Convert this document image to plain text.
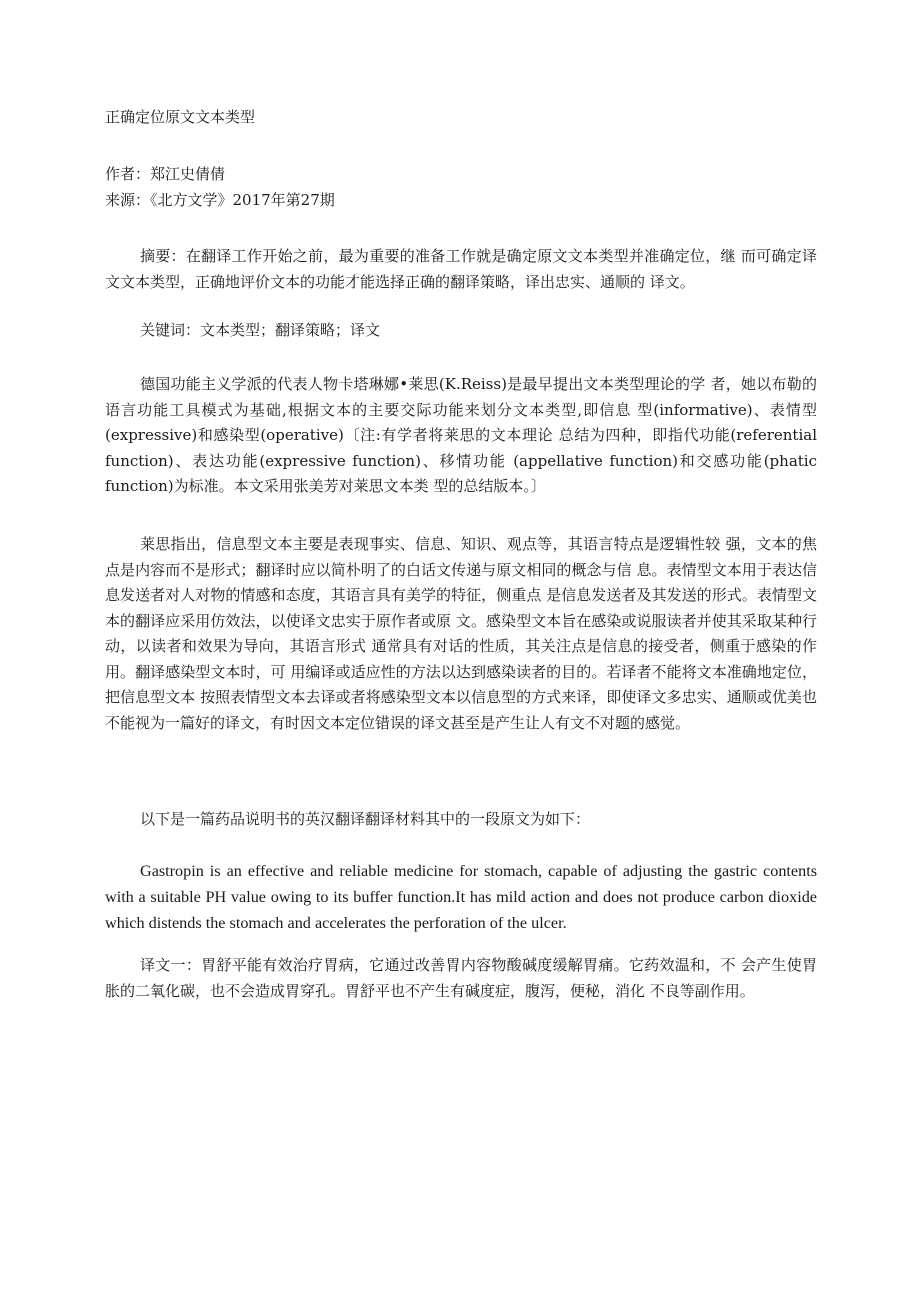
正确定位原文文本类型

作者：郑江史倩倩

来源：《北方文学》2017年第27期

摘要：在翻译工作开始之前，最为重要的准备工作就是确定原文文本类型并准确定位，继 而可确定译文文本类型，正确地评价文本的功能才能选择正确的翻译策略，译出忠实、通顺的 译文。

关键词：文本类型；翻译策略；译文

德国功能主义学派的代表人物卡塔琳娜•莱思(K.Reiss)是最早提出文本类型理论的学 者，她以布勒的语言功能工具模式为基础,根据文本的主要交际功能来划分文本类型,即信息 型(informative)、表情型(expressive)和感染型(operative)〔注:有学者将莱思的文本理论 总结为四种，即指代功能(referential function)、表达功能(expressive function)、移情功能 (appellative function)和交感功能(phatic function)为标准。本文采用张美芳对莱思文本类 型的总结版本。〕

莱思指出，信息型文本主要是表现事实、信息、知识、观点等，其语言特点是逻辑性较 强，文本的焦点是内容而不是形式；翻译时应以简朴明了的白话文传递与原文相同的概念与信 息。表情型文本用于表达信息发送者对人对物的情感和态度，其语言具有美学的特征，侧重点 是信息发送者及其发送的形式。表情型文本的翻译应采用仿效法，以使译文忠实于原作者或原 文。感染型文本旨在感染或说服读者并使其采取某种行动，以读者和效果为导向，其语言形式 通常具有对话的性质，其关注点是信息的接受者，侧重于感染的作用。翻译感染型文本时，可 用编译或适应性的方法以达到感染读者的目的。若译者不能将文本准确地定位，把信息型文本 按照表情型文本去译或者将感染型文本以信息型的方式来译，即使译文多忠实、通顺或优美也 不能视为一篇好的译文，有时因文本定位错误的译文甚至是产生让人有文不对题的感觉。

以下是一篇药品说明书的英汉翻译翻译材料其中的一段原文为如下：

Gastropin is an effective and reliable medicine for stomach, capable of adjusting the gastric contents with a suitable PH value owing to its buffer function.It has mild action and does not produce carbon dioxide which distends the stomach and accelerates the perforation of the ulcer.

译文一：胃舒平能有效治疗胃病，它通过改善胃内容物酸碱度缓解胃痛。它药效温和，不 会产生使胃胀的二氧化碳，也不会造成胃穿孔。胃舒平也不产生有碱度症，腹泻，便秘，消化 不良等副作用。
